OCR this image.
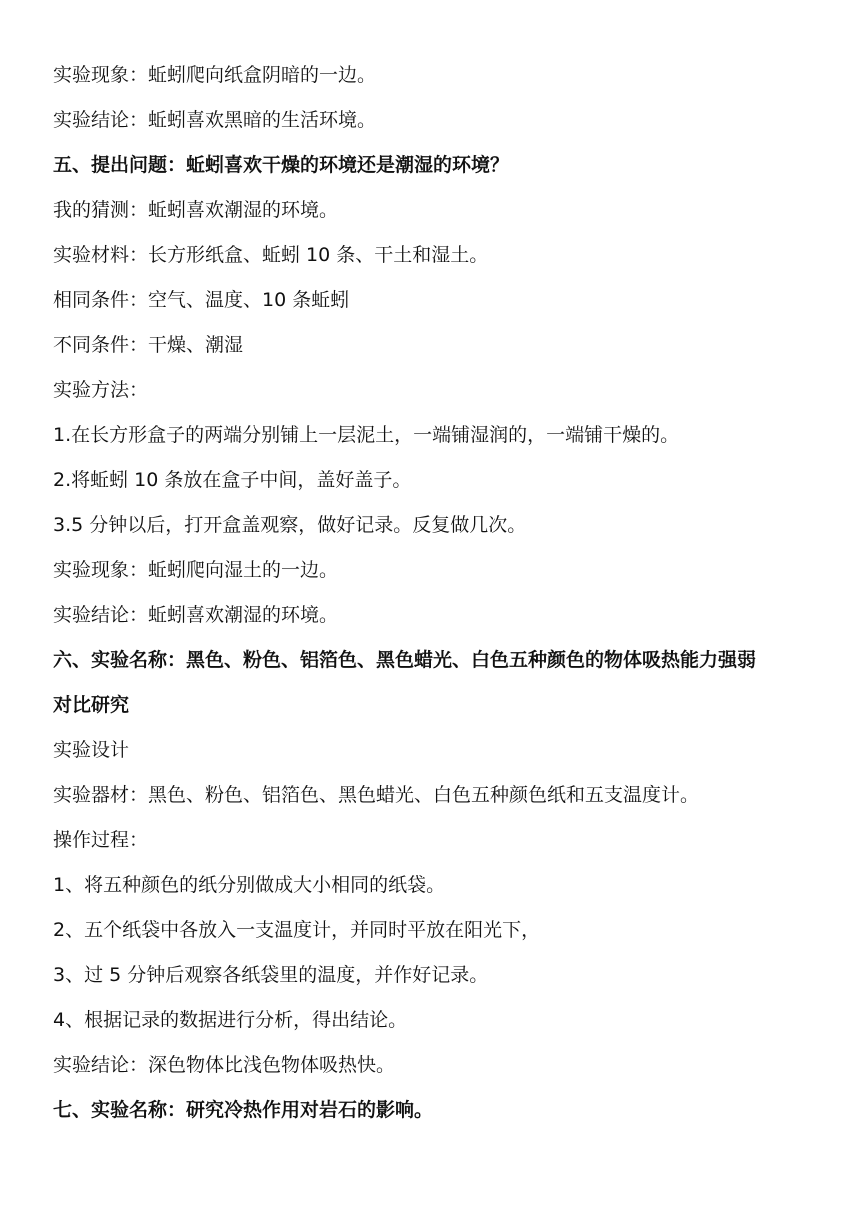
实验现象：蚯蚓爬向纸盒阴暗的一边。
实验结论：蚯蚓喜欢黑暗的生活环境。
五、提出问题：蚯蚓喜欢干燥的环境还是潮湿的环境？
我的猜测：蚯蚓喜欢潮湿的环境。
实验材料：长方形纸盒、蚯蚓 10 条、干土和湿土。
相同条件：空气、温度、10 条蚯蚓
不同条件：干燥、潮湿
实验方法：
1.在长方形盒子的两端分别铺上一层泥土，一端铺湿润的，一端铺干燥的。
2.将蚯蚓 10 条放在盒子中间，盖好盖子。
3.5 分钟以后，打开盒盖观察，做好记录。反复做几次。
实验现象：蚯蚓爬向湿土的一边。
实验结论：蚯蚓喜欢潮湿的环境。
六、实验名称：黑色、粉色、铝箔色、黑色蜡光、白色五种颜色的物体吸热能力强弱
对比研究
实验设计
实验器材：黑色、粉色、铝箔色、黑色蜡光、白色五种颜色纸和五支温度计。
操作过程：
1、将五种颜色的纸分别做成大小相同的纸袋。
2、五个纸袋中各放入一支温度计，并同时平放在阳光下，
3、过 5 分钟后观察各纸袋里的温度，并作好记录。
4、根据记录的数据进行分析，得出结论。
实验结论：深色物体比浅色物体吸热快。
七、实验名称：研究冷热作用对岩石的影响。
